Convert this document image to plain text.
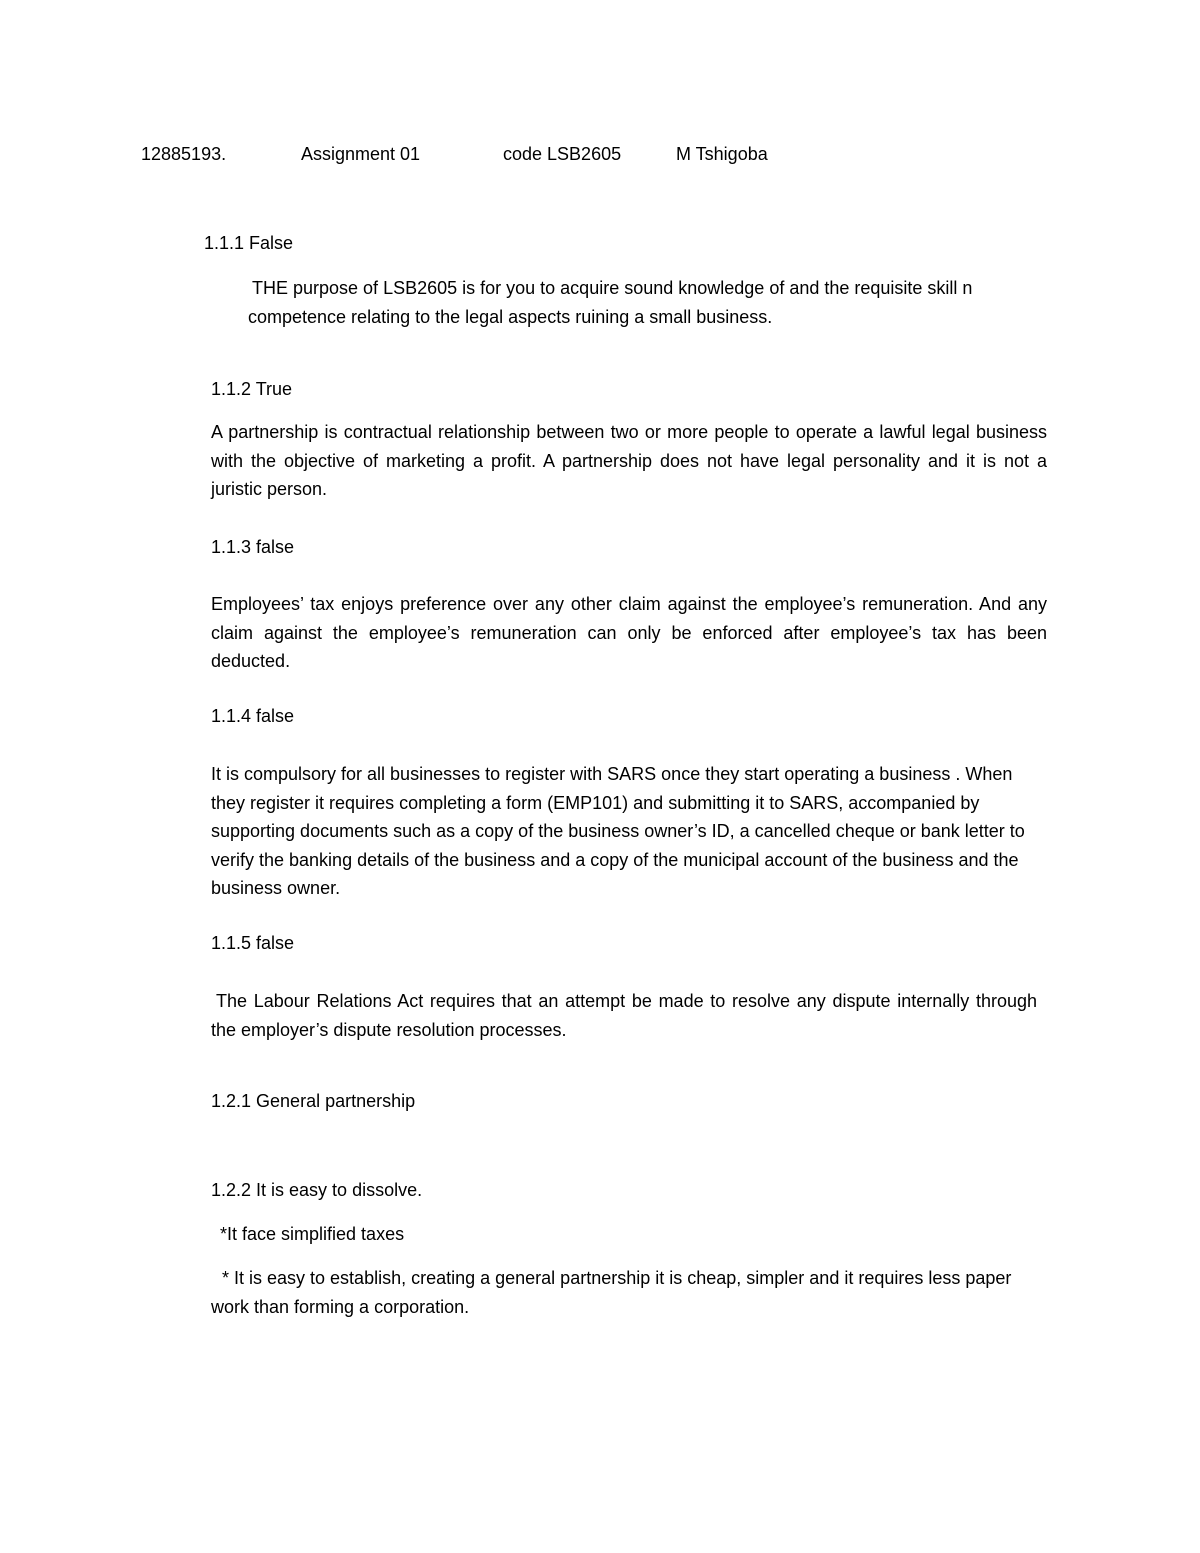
12885193.	Assignment 01	code LSB2605	M Tshigoba
1.1.1 False
THE purpose of LSB2605 is for you to acquire sound knowledge of and the requisite skill n competence relating to the legal aspects ruining a small business.
1.1.2 True
A partnership is contractual relationship between two or more people to operate a lawful legal business with the objective of marketing a profit. A partnership does not have legal personality and it is not a juristic person.
1.1.3 false
Employees’ tax enjoys preference over any other claim against the employee’s remuneration. And any claim against the employee’s remuneration can only be enforced after employee’s tax has been deducted.
1.1.4 false
It is compulsory for all businesses to register with SARS once they start operating a business . When they register it requires completing a form (EMP101) and submitting it to SARS, accompanied by supporting documents such as a copy of the business owner’s ID, a cancelled cheque or bank letter to verify the banking details of the business and a copy of the municipal account of the business and the business owner.
1.1.5 false
The Labour Relations Act requires that an attempt be made to resolve any dispute internally through the employer’s dispute resolution processes.
1.2.1 General partnership
1.2.2 It is easy to dissolve.
*It face simplified taxes
* It is easy to establish, creating a general partnership it is cheap, simpler and it requires less paper work than forming a corporation.
